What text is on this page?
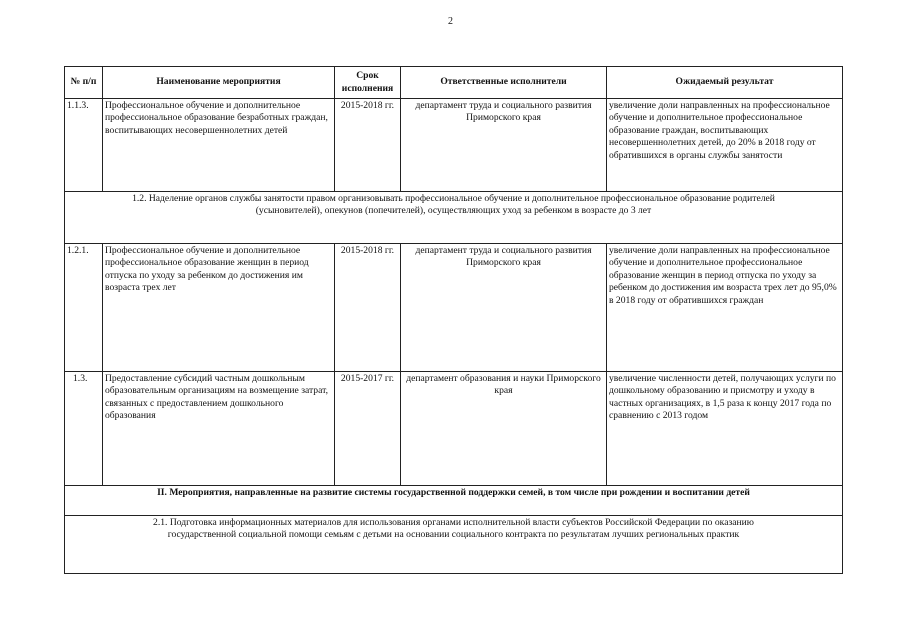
2
№ п/п	Наименование мероприятия	Срок исполнения	Ответственные исполнители	Ожидаемый результат
1.1.3.	Профессиональное обучение и дополнительное профессиональное образование безработных граждан, воспитывающих несовершеннолетних детей	2015-2018 гг.	департамент труда и социального развития Приморского края	увеличение доли направленных на профессиональное обучение и дополнительное профессиональное образование граждан, воспитывающих несовершеннолетних детей, до 20% в 2018 году от обратившихся в органы службы занятости

1.2. Наделение органов службы занятости правом организовывать профессиональное обучение и дополнительное профессиональное образование родителей
(усыновителей), опекунов (попечителей), осуществляющих уход за ребенком в возрасте до 3 лет				

1.2.1.	Профессиональное обучение и дополнительное профессиональное образование женщин в период отпуска по уходу за ребенком до достижения им возраста трех лет	2015-2018 гг.	департамент труда и социального развития Приморского края	увеличение доли направленных на профессиональное обучение и дополнительное профессиональное образование женщин в период отпуска по уходу за ребенком до достижения им возраста трех лет до 95,0% в 2018 году от обратившихся граждан
1.3.	Предоставление субсидий частным дошкольным образовательным организациям на возмещение затрат, связанных с предоставлением дошкольного образования	2015-2017 гг.	департамент образования и науки Приморского края	увеличение численности детей, получающих услуги по дошкольному образованию и присмотру и уходу в частных организациях, в 1,5 раза к концу 2017 года по сравнению с 2013 годом
II. Мероприятия, направленные на развитие системы государственной поддержки семей, в том числе при рождении и воспитании детей				

2.1. Подготовка информационных материалов для использования органами исполнительной власти субъектов Российской Федерации по оказанию
государственной социальной помощи семьям с детьми на основании социального контракта по результатам лучших региональных практик				
